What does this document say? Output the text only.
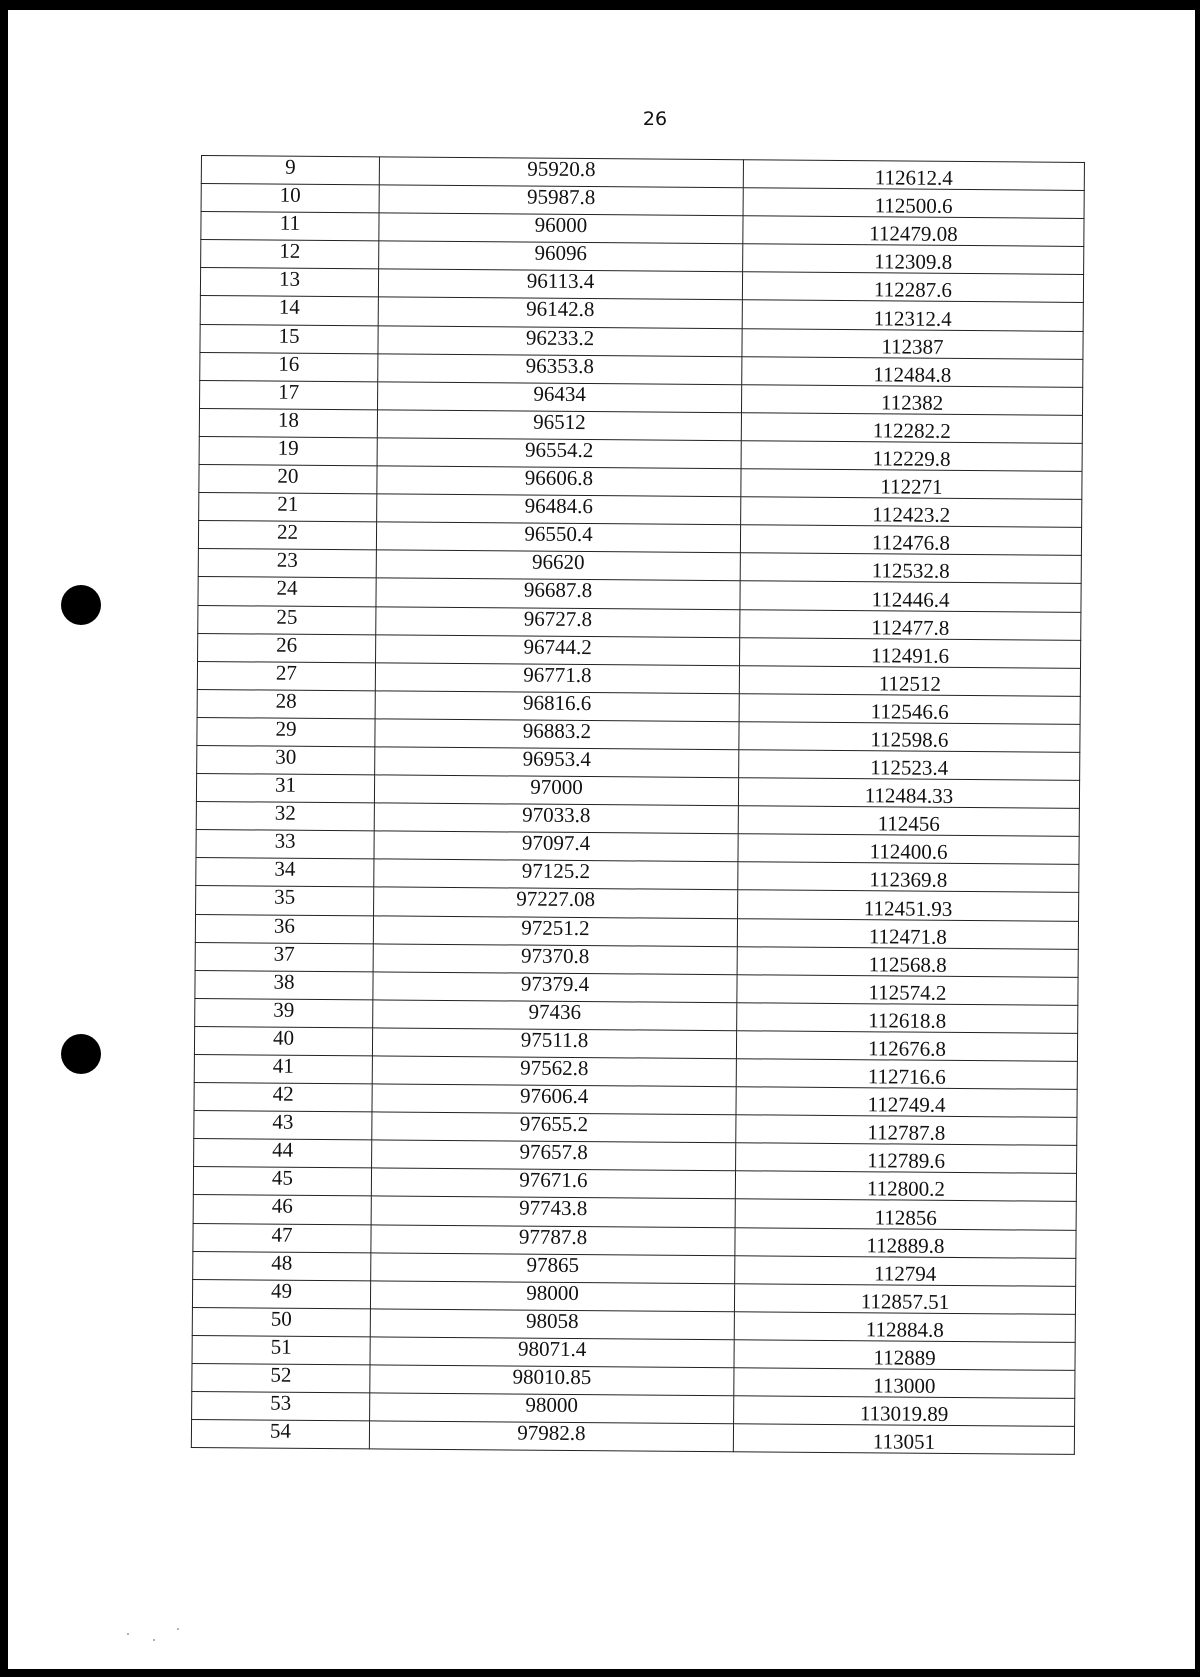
26
9	95920.8	112612.4
10	95987.8	112500.6
11	96000	112479.08
12	96096	112309.8
13	96113.4	112287.6
14	96142.8	112312.4
15	96233.2	112387
16	96353.8	112484.8
17	96434	112382
18	96512	112282.2
19	96554.2	112229.8
20	96606.8	112271
21	96484.6	112423.2
22	96550.4	112476.8
23	96620	112532.8
24	96687.8	112446.4
25	96727.8	112477.8
26	96744.2	112491.6
27	96771.8	112512
28	96816.6	112546.6
29	96883.2	112598.6
30	96953.4	112523.4
31	97000	112484.33
32	97033.8	112456
33	97097.4	112400.6
34	97125.2	112369.8
35	97227.08	112451.93
36	97251.2	112471.8
37	97370.8	112568.8
38	97379.4	112574.2
39	97436	112618.8
40	97511.8	112676.8
41	97562.8	112716.6
42	97606.4	112749.4
43	97655.2	112787.8
44	97657.8	112789.6
45	97671.6	112800.2
46	97743.8	112856
47	97787.8	112889.8
48	97865	112794
49	98000	112857.51
50	98058	112884.8
51	98071.4	112889
52	98010.85	113000
53	98000	113019.89
54	97982.8	113051
